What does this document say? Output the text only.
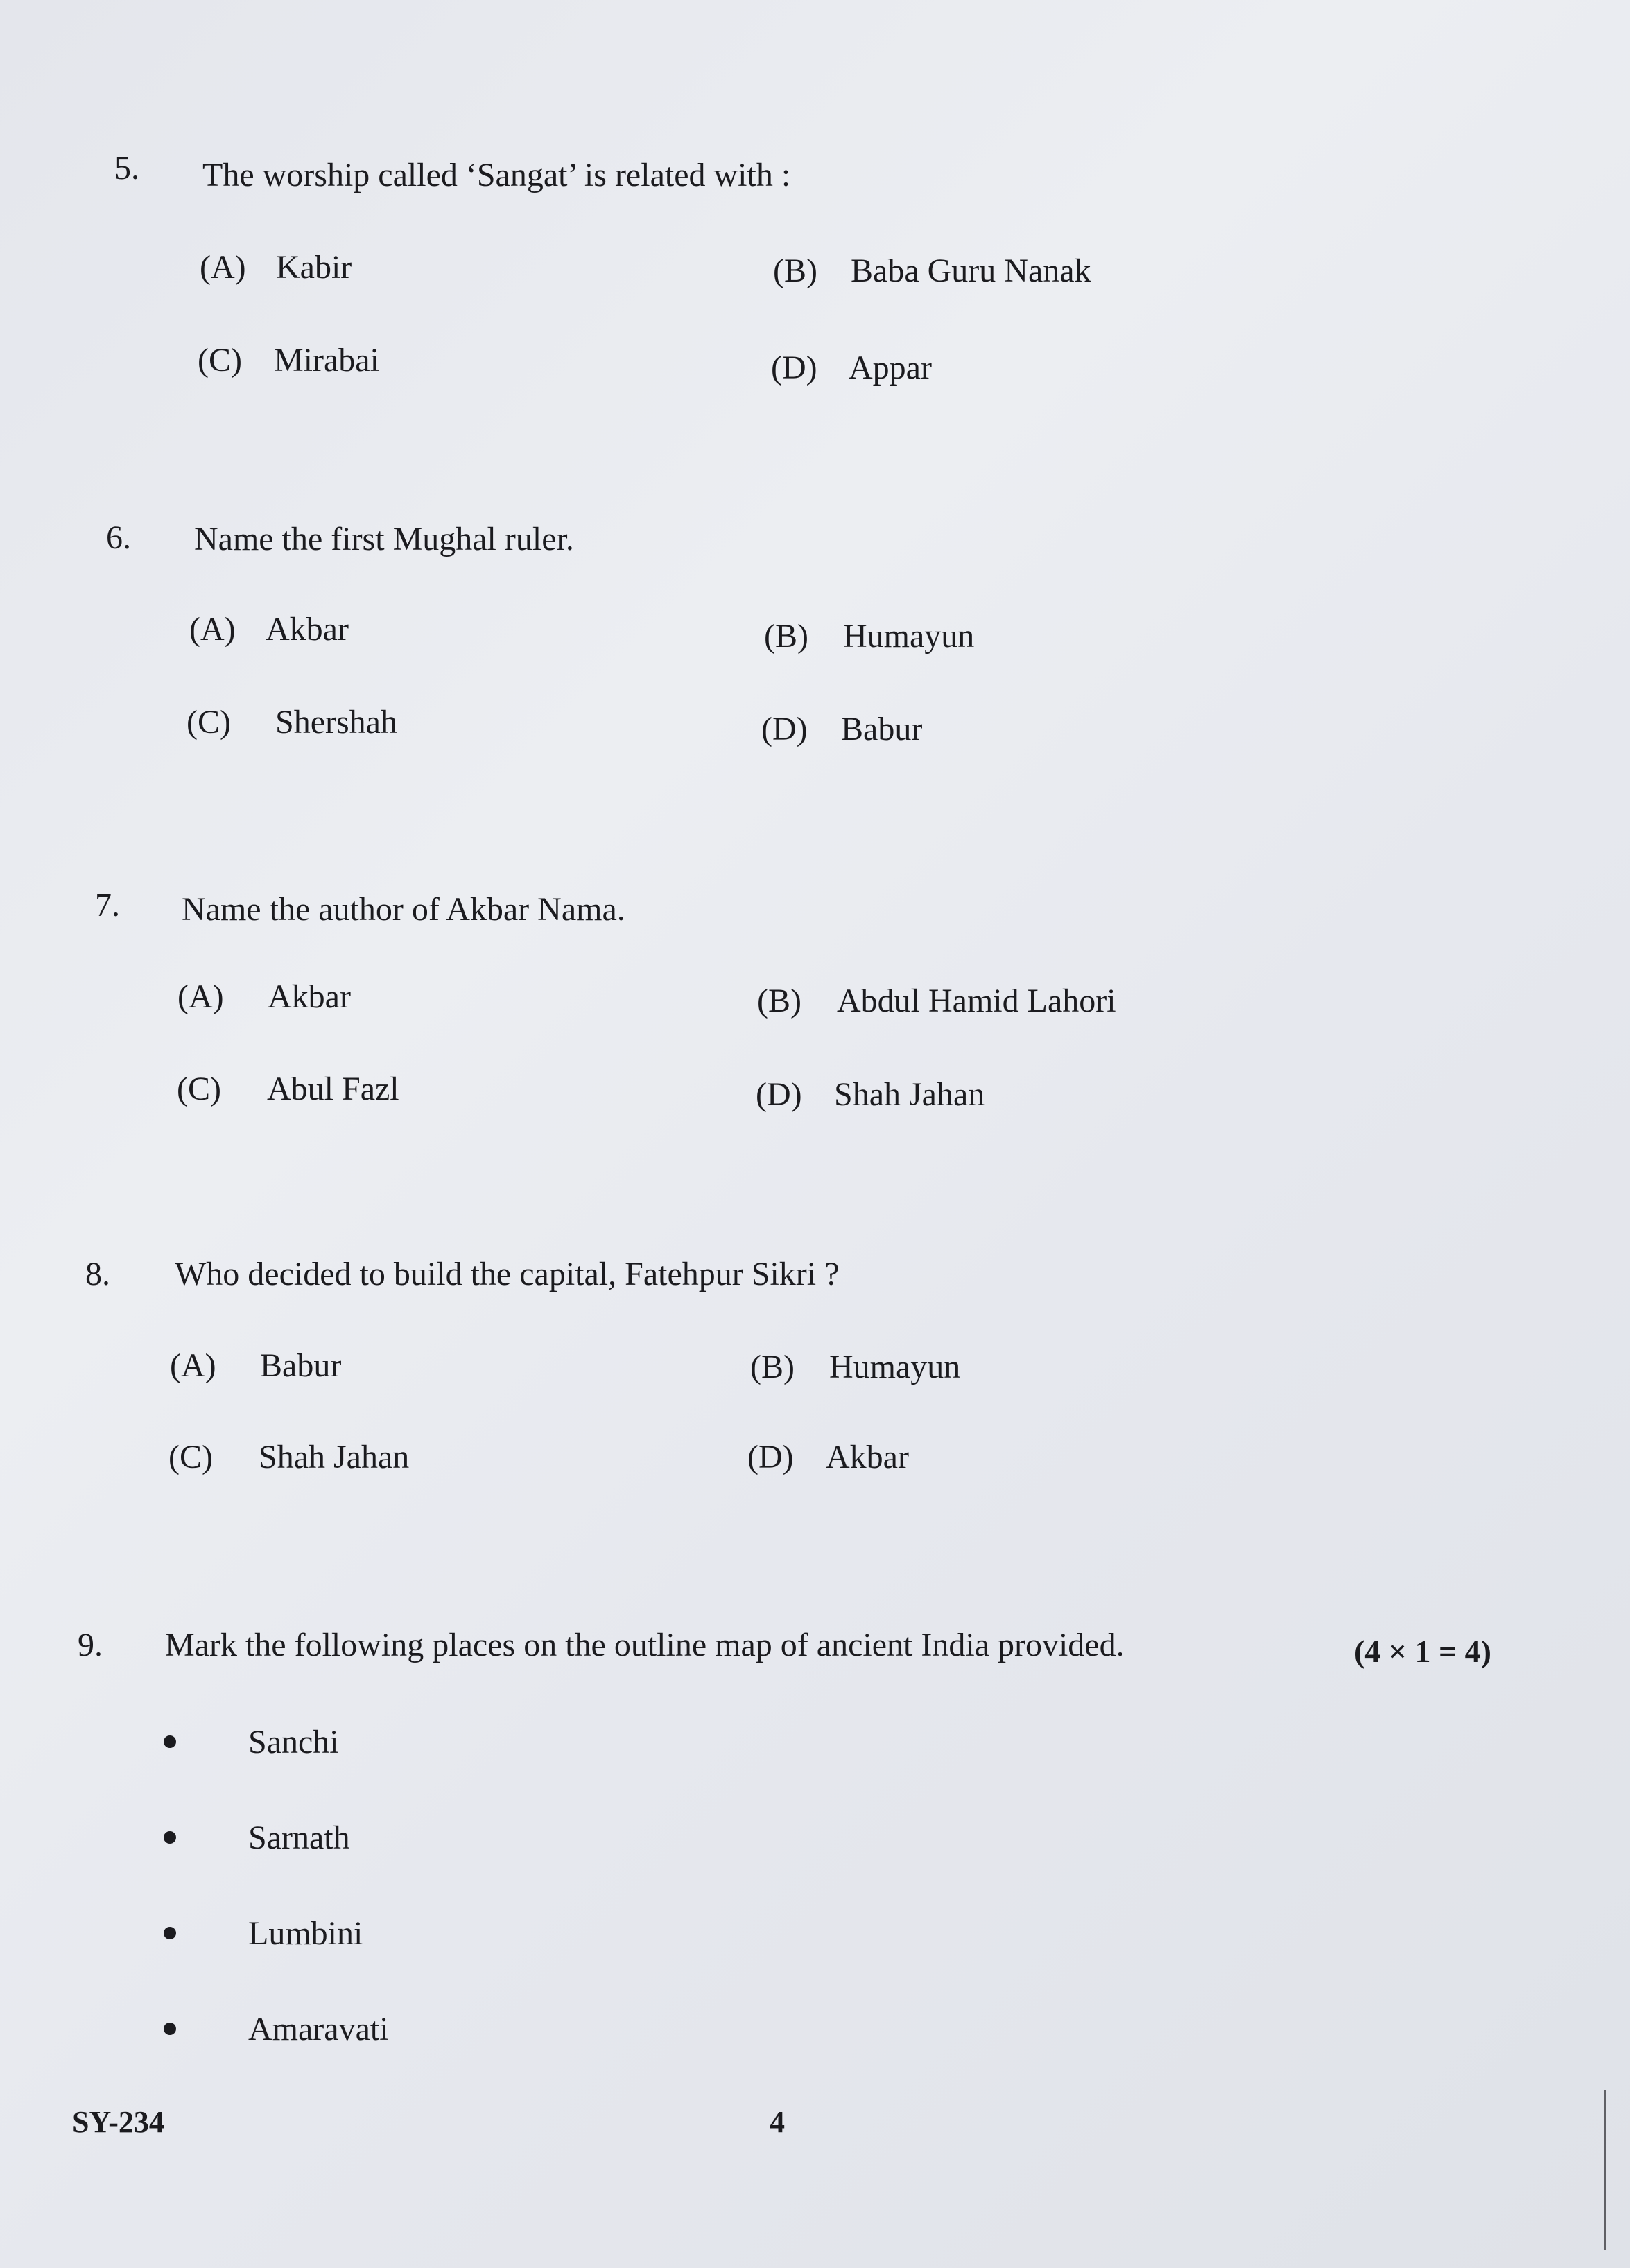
5. The worship called ‘Sangat’ is related with :
(A) Kabir	(B) Baba Guru Nanak
(C) Mirabai	(D) Appar
6. Name the first Mughal ruler.
(A) Akbar	(B) Humayun
(C) Shershah	(D) Babur
7. Name the author of Akbar Nama.
(A) Akbar	(B) Abdul Hamid Lahori
(C) Abul Fazl	(D) Shah Jahan
8. Who decided to build the capital, Fatehpur Sikri ?
(A) Babur	(B) Humayun
(C) Shah Jahan	(D) Akbar
9. Mark the following places on the outline map of ancient India provided.	(4 × 1 = 4)
Sanchi
Sarnath
Lumbini
Amaravati
SY-234	4
